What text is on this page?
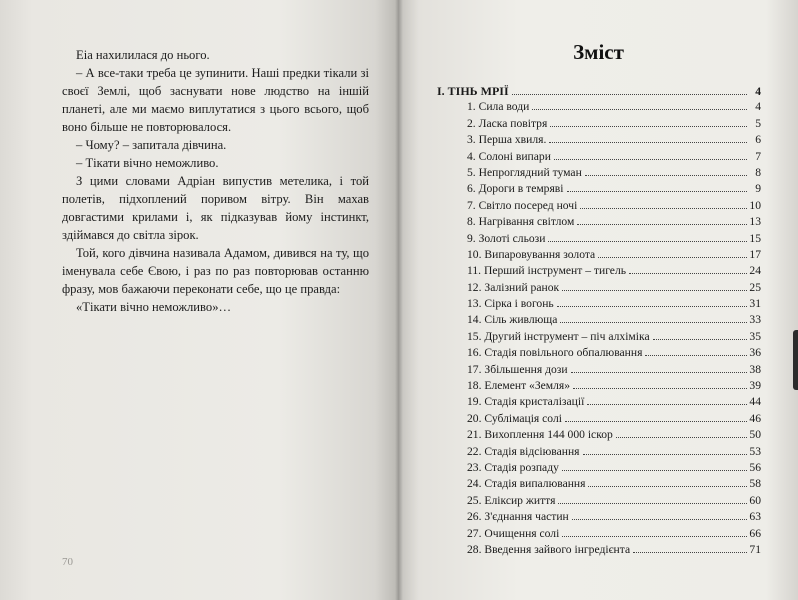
Еіа нахилилася до нього.

– А все-таки треба це зупинити. Наші предки тікали зі своєї Землі, щоб заснувати нове людство на іншій планеті, але ми маємо виплутатися з цього всього, щоб воно більше не повторювалося.

– Чому? – запитала дівчина.

– Тікати вічно неможливо.

З цими словами Адріан випустив метелика, і той полетів, підхоплений поривом вітру. Він махав довгастими крилами і, як підказував йому інстинкт, здіймався до світла зірок.

Той, кого дівчина називала Адамом, дивився на ту, що іменувала себе Євою, і раз по раз повторював останню фразу, мов бажаючи переконати себе, що це правда:

«Тікати вічно неможливо»…

70
Зміст
I. ТІНЬ МРІЇ	4
1. Сила води	4
2. Ласка повітря	5
3. Перша хвиля.	6
4. Солоні випари	7
5. Непроглядний туман	8
6. Дороги в темряві	9
7. Світло посеред ночі	10
8. Нагрівання світлом	13
9. Золоті сльози	15
10. Випаровування золота	17
11. Перший інструмент – тигель	24
12. Залізний ранок	25
13. Сірка і вогонь	31
14. Сіль живлюща	33
15. Другий інструмент – піч алхіміка	35
16. Стадія повільного обпалювання	36
17. Збільшення дози	38
18. Елемент «Земля»	39
19. Стадія кристалізації	44
20. Сублімація солі	46
21. Вихоплення 144 000 іскор	50
22. Стадія відсіювання	53
23. Стадія розпаду	56
24. Стадія випалювання	58
25. Еліксир життя	60
26. З'єднання частин	63
27. Очищення солі	66
28. Введення зайвого інгредієнта	71
